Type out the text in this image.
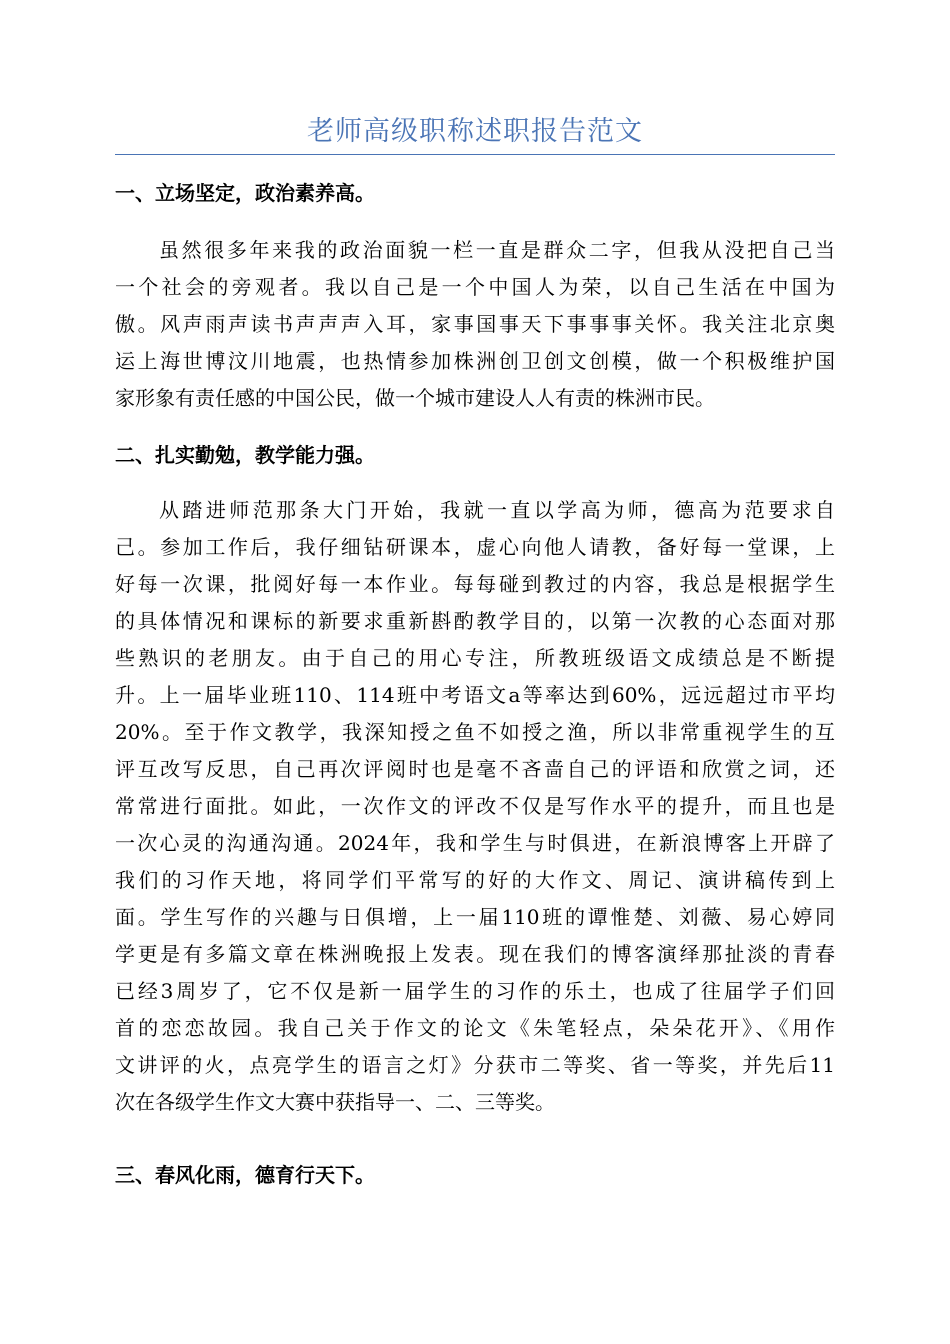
老师高级职称述职报告范文
一、立场坚定，政治素养高。
虽然很多年来我的政治面貌一栏一直是群众二字，但我从没把自己当
一个社会的旁观者。我以自己是一个中国人为荣，以自己生活在中国为
傲。风声雨声读书声声声入耳，家事国事天下事事事关怀。我关注北京奥
运上海世博汶川地震，也热情参加株洲创卫创文创模，做一个积极维护国
家形象有责任感的中国公民，做一个城市建设人人有责的株洲市民。
二、扎实勤勉，教学能力强。
从踏进师范那条大门开始，我就一直以学高为师，德高为范要求自
己。参加工作后，我仔细钻研课本，虚心向他人请教，备好每一堂课，上
好每一次课，批阅好每一本作业。每每碰到教过的内容，我总是根据学生
的具体情况和课标的新要求重新斟酌教学目的，以第一次教的心态面对那
些熟识的老朋友。由于自己的用心专注，所教班级语文成绩总是不断提
升。上一届毕业班110、114班中考语文a等率达到60%，远远超过市平均
20%。至于作文教学，我深知授之鱼不如授之渔，所以非常重视学生的互
评互改写反思，自己再次评阅时也是毫不吝啬自己的评语和欣赏之词，还
常常进行面批。如此，一次作文的评改不仅是写作水平的提升，而且也是
一次心灵的沟通沟通。2024年，我和学生与时俱进，在新浪博客上开辟了
我们的习作天地，将同学们平常写的好的大作文、周记、演讲稿传到上
面。学生写作的兴趣与日俱增，上一届110班的谭惟楚、刘薇、易心婷同
学更是有多篇文章在株洲晚报上发表。现在我们的博客演绎那扯淡的青春
已经3周岁了，它不仅是新一届学生的习作的乐土，也成了往届学子们回
首的恋恋故园。我自己关于作文的论文《朱笔轻点，朵朵花开》、《用作
文讲评的火，点亮学生的语言之灯》分获市二等奖、省一等奖，并先后11
次在各级学生作文大赛中获指导一、二、三等奖。
三、春风化雨，德育行天下。
